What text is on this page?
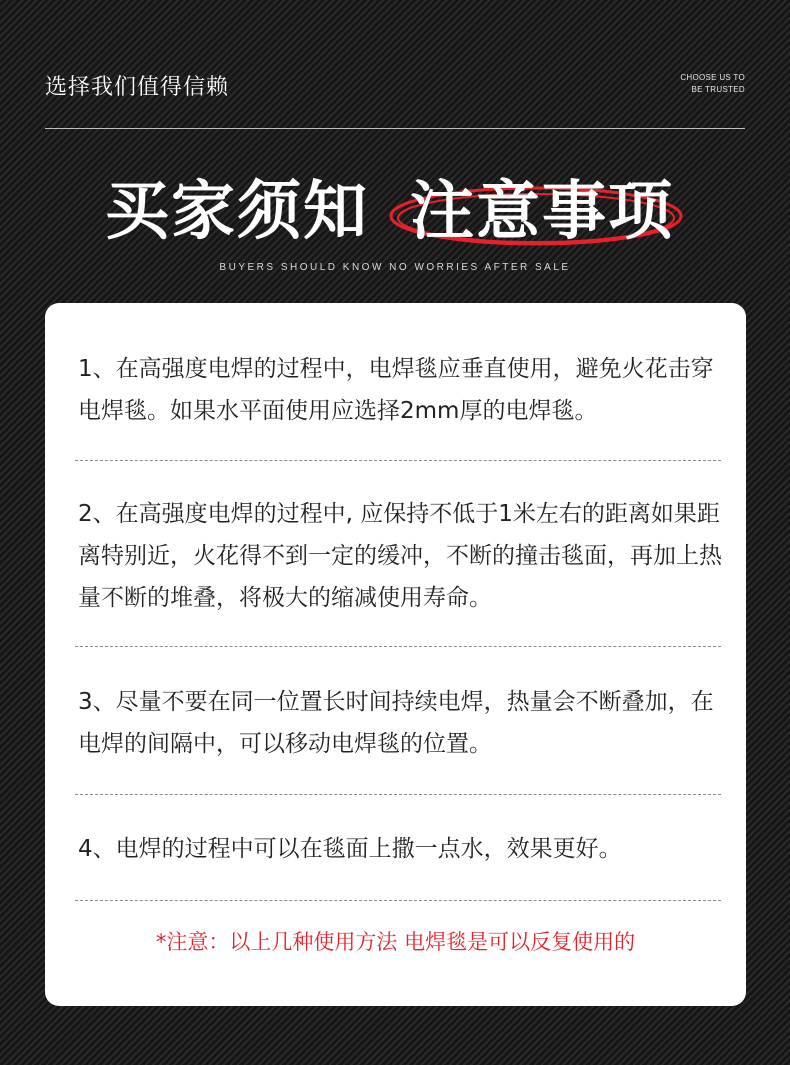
选择我们值得信赖	CHOOSE US TO
BE TRUSTED
买家须知 注意事项
BUYERS SHOULD KNOW NO WORRIES AFTER SALE
1、在高强度电焊的过程中，电焊毯应垂直使用，避免火花击穿电焊毯。如果水平面使用应选择2mm厚的电焊毯。
2、在高强度电焊的过程中, 应保持不低于1米左右的距离如果距离特别近，火花得不到一定的缓冲，不断的撞击毯面，再加上热量不断的堆叠，将极大的缩减使用寿命。
3、尽量不要在同一位置长时间持续电焊，热量会不断叠加，在电焊的间隔中，可以移动电焊毯的位置。
4、电焊的过程中可以在毯面上撒一点水，效果更好。
*注意：以上几种使用方法 电焊毯是可以反复使用的
